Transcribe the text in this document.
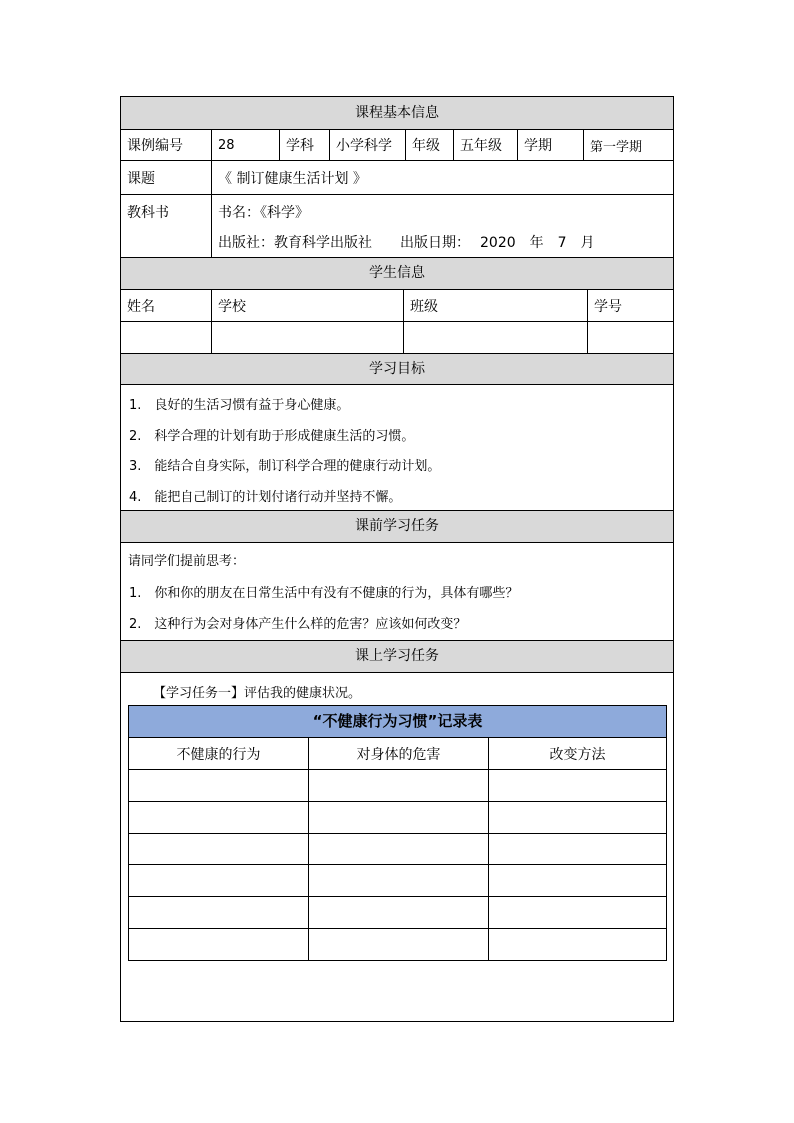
课程基本信息
课例编号	28	学科	小学科学	年级	五年级	学期	第一学期
课题	《 制订健康生活计划 》
教科书	书名：《科学》
出版社：教育科学出版社 出版日期： 2020　年　7　月
学生信息
姓名	学校	班级	学号
学习目标
1.　良好的生活习惯有益于身心健康。
2.　科学合理的计划有助于形成健康生活的习惯。
3.　能结合自身实际，制订科学合理的健康行动计划。
4.　能把自己制订的计划付诸行动并坚持不懈。
课前学习任务
请同学们提前思考：
1.　你和你的朋友在日常生活中有没有不健康的行为，具体有哪些？
2.　这种行为会对身体产生什么样的危害？应该如何改变？
课上学习任务
【学习任务一】评估我的健康状况。
“不健康行为习惯”记录表
不健康的行为	对身体的危害	改变方法
